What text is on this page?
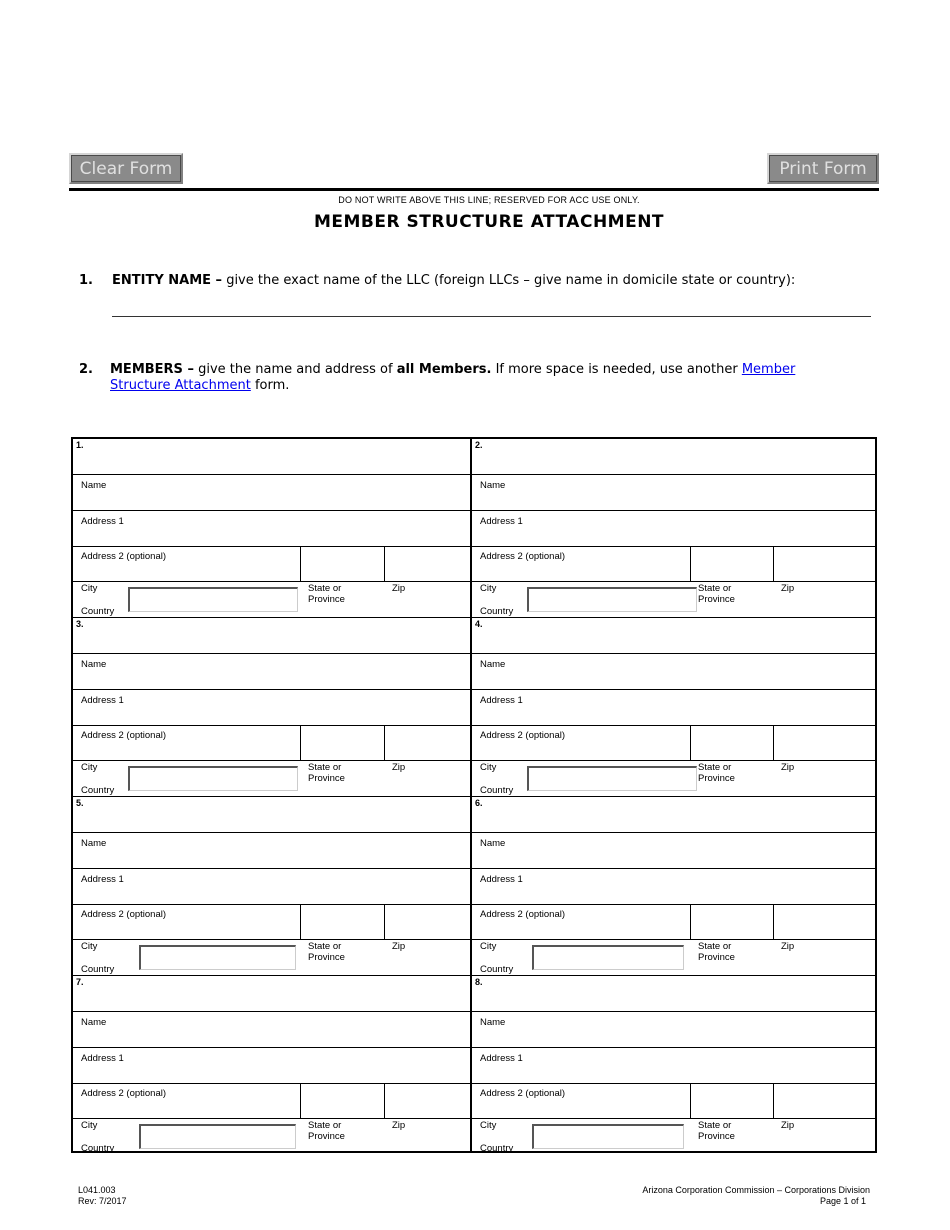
Clear Form	Print Form
DO NOT WRITE ABOVE THIS LINE; RESERVED FOR ACC USE ONLY.
MEMBER STRUCTURE ATTACHMENT
1. ENTITY NAME – give the exact name of the LLC (foreign LLCs – give name in domicile state or country):
2. MEMBERS – give the name and address of all Members. If more space is needed, use another Member Structure Attachment form.
1.
Name
Address 1
Address 2 (optional)
City
Country
State or Province
Zip
2.
Name
Address 1
Address 2 (optional)
City
Country
State or Province
Zip
3.
Name
Address 1
Address 2 (optional)
City
Country
State or Province
Zip
4.
Name
Address 1
Address 2 (optional)
City
Country
State or Province
Zip
5.
Name
Address 1
Address 2 (optional)
City
Country
State or Province
Zip
6.
Name
Address 1
Address 2 (optional)
City
Country
State or Province
Zip
7.
Name
Address 1
Address 2 (optional)
City
Country
State or Province
Zip
8.
Name
Address 1
Address 2 (optional)
City
Country
State or Province
Zip
L041.003
Rev: 7/2017
Arizona Corporation Commission – Corporations Division
Page 1 of 1
